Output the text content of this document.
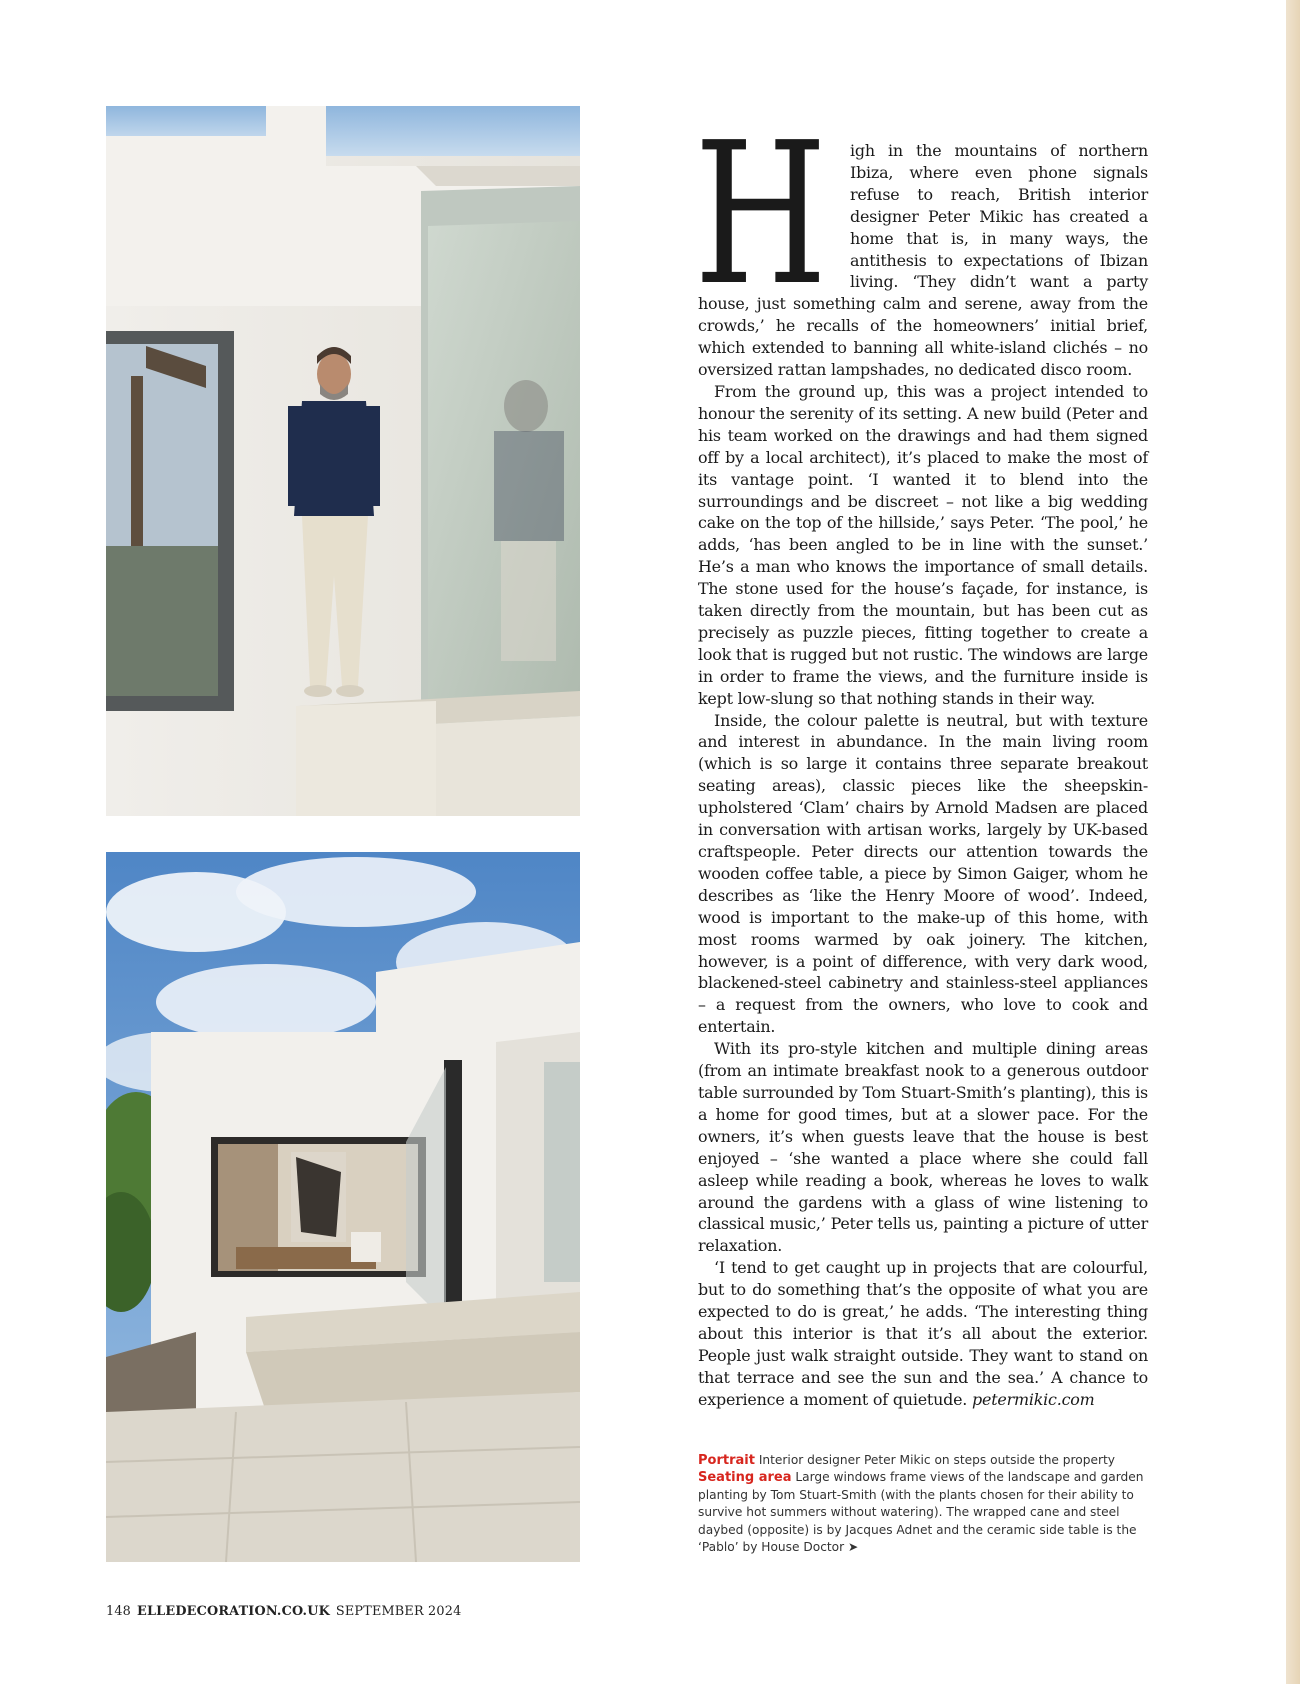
H igh in the mountains of northern Ibiza, where even phone signals refuse to reach, British interior designer Peter Mikic has created a home that is, in many ways, the antithesis to expectations of Ibizan living. ‘They didn’t want a party house, just something calm and serene, away from the crowds,’ he recalls of the homeowners’ initial brief, which extended to banning all white-island clichés – no oversized rattan lampshades, no dedicated disco room.

From the ground up, this was a project intended to honour the serenity of its setting. A new build (Peter and his team worked on the drawings and had them signed off by a local architect), it’s placed to make the most of its vantage point. ‘I wanted it to blend into the surroundings and be discreet – not like a big wedding cake on the top of the hillside,’ says Peter. ‘The pool,’ he adds, ‘has been angled to be in line with the sunset.’ He’s a man who knows the importance of small details. The stone used for the house’s façade, for instance, is taken directly from the mountain, but has been cut as precisely as puzzle pieces, fitting together to create a look that is rugged but not rustic. The windows are large in order to frame the views, and the furniture inside is kept low-slung so that nothing stands in their way.

Inside, the colour palette is neutral, but with texture and interest in abundance. In the main living room (which is so large it contains three separate breakout seating areas), classic pieces like the sheepskin-upholstered ‘Clam’ chairs by Arnold Madsen are placed in conversation with artisan works, largely by UK-based craftspeople. Peter directs our attention towards the wooden coffee table, a piece by Simon Gaiger, whom he describes as ‘like the Henry Moore of wood’. Indeed, wood is important to the make-up of this home, with most rooms warmed by oak joinery. The kitchen, however, is a point of difference, with very dark wood, blackened-steel cabinetry and stainless-steel appliances – a request from the owners, who love to cook and entertain.

With its pro-style kitchen and multiple dining areas (from an intimate breakfast nook to a generous outdoor table surrounded by Tom Stuart-Smith’s planting), this is a home for good times, but at a slower pace. For the owners, it’s when guests leave that the house is best enjoyed – ‘she wanted a place where she could fall asleep while reading a book, whereas he loves to walk around the gardens with a glass of wine listening to classical music,’ Peter tells us, painting a picture of utter relaxation.

‘I tend to get caught up in projects that are colourful, but to do something that’s the opposite of what you are expected to do is great,’ he adds. ‘The interesting thing about this interior is that it’s all about the exterior. People just walk straight outside. They want to stand on that terrace and see the sun and the sea.’ A chance to experience a moment of quietude. petermikic.com

Portrait Interior designer Peter Mikic on steps outside the property

Seating area Large windows frame views of the landscape and garden planting by Tom Stuart-Smith (with the plants chosen for their ability to survive hot summers without watering). The wrapped cane and steel daybed (opposite) is by Jacques Adnet and the ceramic side table is the ‘Pablo’ by House Doctor ➤

148 ELLEDECORATION.CO.UK SEPTEMBER 2024
